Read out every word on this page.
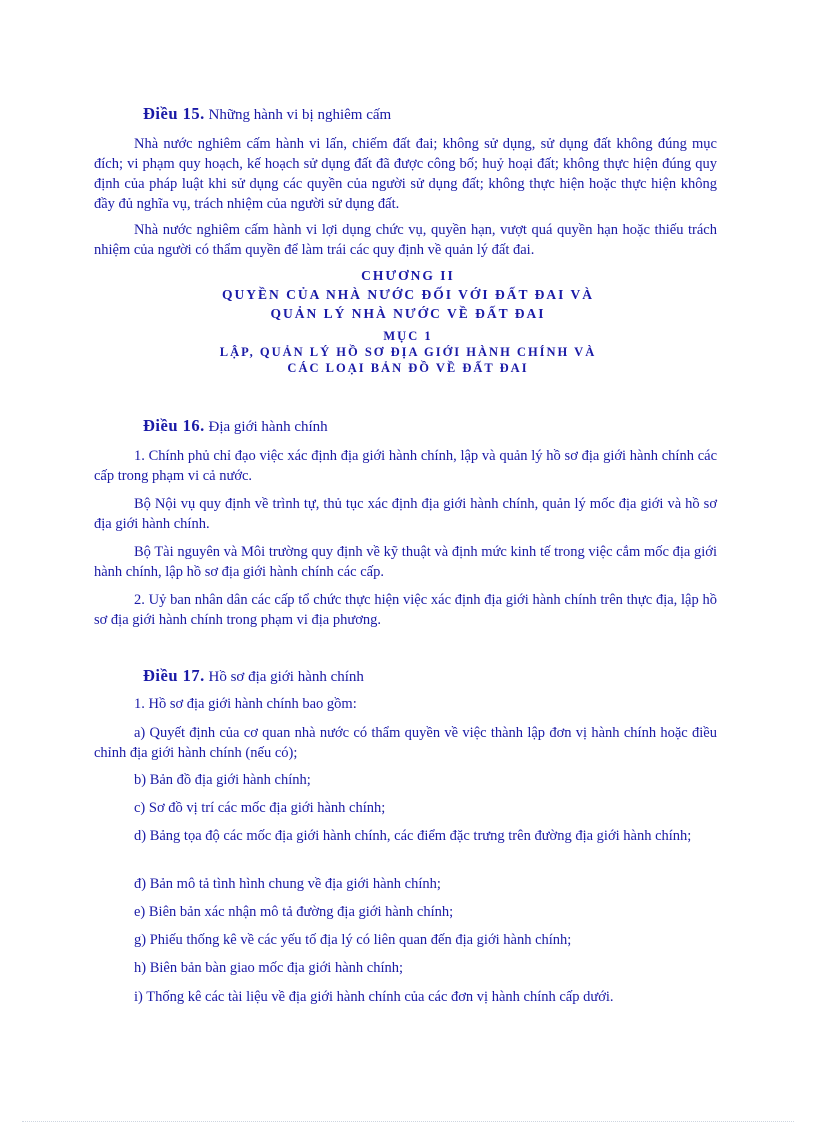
Điều 15. Những hành vi bị nghiêm cấm

Nhà nước nghiêm cấm hành vi lấn, chiếm đất đai; không sử dụng, sử dụng đất không đúng mục đích; vi phạm quy hoạch, kế hoạch sử dụng đất đã được công bố; huỷ hoại đất; không thực hiện đúng quy định của pháp luật khi sử dụng các quyền của người sử dụng đất; không thực hiện hoặc thực hiện không đầy đủ nghĩa vụ, trách nhiệm của người sử dụng đất.

Nhà nước nghiêm cấm hành vi lợi dụng chức vụ, quyền hạn, vượt quá quyền hạn hoặc thiếu trách nhiệm của người có thẩm quyền để làm trái các quy định về quản lý đất đai.

CHƯƠNG II

QUYỀN CỦA NHÀ NƯỚC ĐỐI VỚI ĐẤT ĐAI VÀ

QUẢN LÝ NHÀ NƯỚC VỀ ĐẤT ĐAI

MỤC 1

LẬP, QUẢN LÝ HỒ SƠ ĐỊA GIỚI HÀNH CHÍNH VÀ

CÁC LOẠI BẢN ĐỒ VỀ ĐẤT ĐAI

Điều 16. Địa giới hành chính

1. Chính phủ chỉ đạo việc xác định địa giới hành chính, lập và quản lý hồ sơ địa giới hành chính các cấp trong phạm vi cả nước.

Bộ Nội vụ quy định về trình tự, thủ tục xác định địa giới hành chính, quản lý mốc địa giới và hồ sơ địa giới hành chính.

Bộ Tài nguyên và Môi trường quy định về kỹ thuật và định mức kinh tế trong việc cắm mốc địa giới hành chính, lập hồ sơ địa giới hành chính các cấp.

2. Uỷ ban nhân dân các cấp tổ chức thực hiện việc xác định địa giới hành chính trên thực địa, lập hồ sơ địa giới hành chính trong phạm vi địa phương.

Điều 17. Hồ sơ địa giới hành chính

1. Hồ sơ địa giới hành chính bao gồm:

a) Quyết định của cơ quan nhà nước có thẩm quyền về việc thành lập đơn vị hành chính hoặc điều chỉnh địa giới hành chính (nếu có);

b) Bản đồ địa giới hành chính;

c) Sơ đồ vị trí các mốc địa giới hành chính;

d) Bảng tọa độ các mốc địa giới hành chính, các điểm đặc trưng trên đường địa giới hành chính;

đ) Bản mô tả tình hình chung về địa giới hành chính;

e) Biên bản xác nhận mô tả đường địa giới hành chính;

g) Phiếu thống kê về các yếu tố địa lý có liên quan đến địa giới hành chính;

h) Biên bản bàn giao mốc địa giới hành chính;

i) Thống kê các tài liệu về địa giới hành chính của các đơn vị hành chính cấp dưới.
